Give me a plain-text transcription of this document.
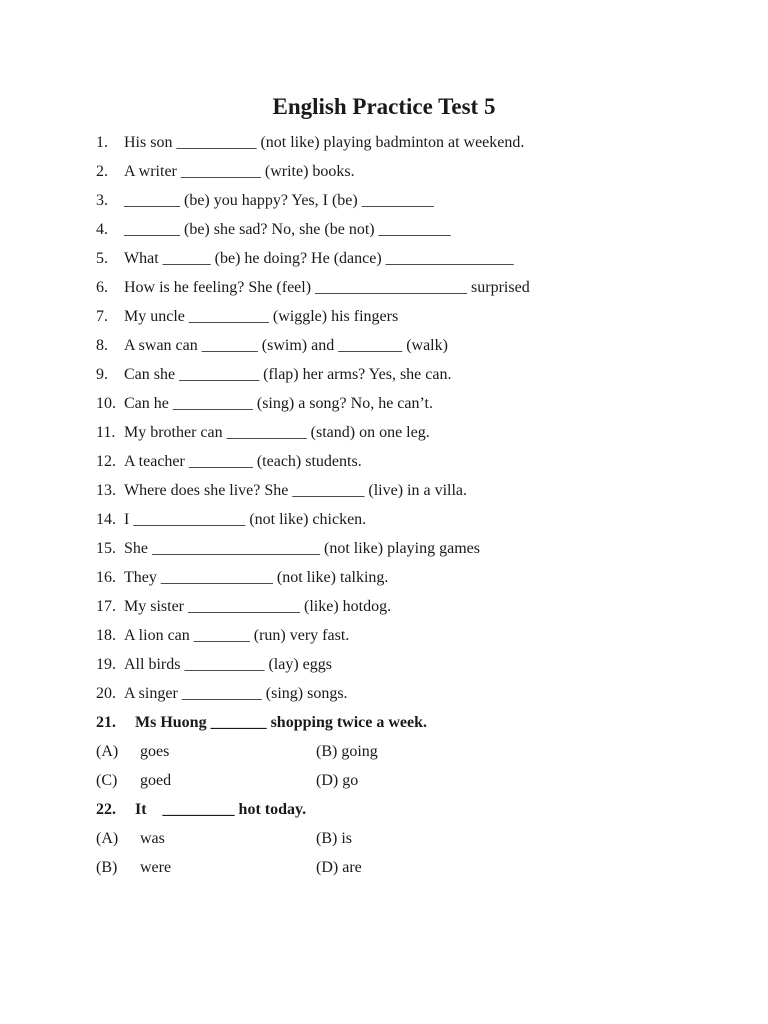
English Practice Test 5
1. His son __________ (not like) playing badminton at weekend.
2. A writer __________ (write) books.
3. _______ (be) you happy? Yes, I (be) _________
4. _______ (be) she sad? No, she (be not) _________
5. What ______ (be) he doing? He (dance) ________________
6. How is he feeling? She (feel) ___________________ surprised
7. My uncle __________ (wiggle) his fingers
8. A swan can _______ (swim) and ________ (walk)
9. Can she __________ (flap) her arms? Yes, she can.
10. Can he __________ (sing) a song? No, he can’t.
11. My brother can __________ (stand) on one leg.
12. A teacher ________ (teach) students.
13. Where does she live? She _________ (live) in a villa.
14. I ______________ (not like) chicken.
15. She _____________________ (not like) playing games
16. They ______________ (not like) talking.
17. My sister ______________ (like) hotdog.
18. A lion can _______ (run) very fast.
19. All birds __________ (lay) eggs
20. A singer __________ (sing) songs.
21. Ms Huong _______ shopping twice a week.
(A) goes	(B) going
(C) goed	(D) go
22. It    _________ hot today.
(A) was	(B) is
(B) were	(D) are
